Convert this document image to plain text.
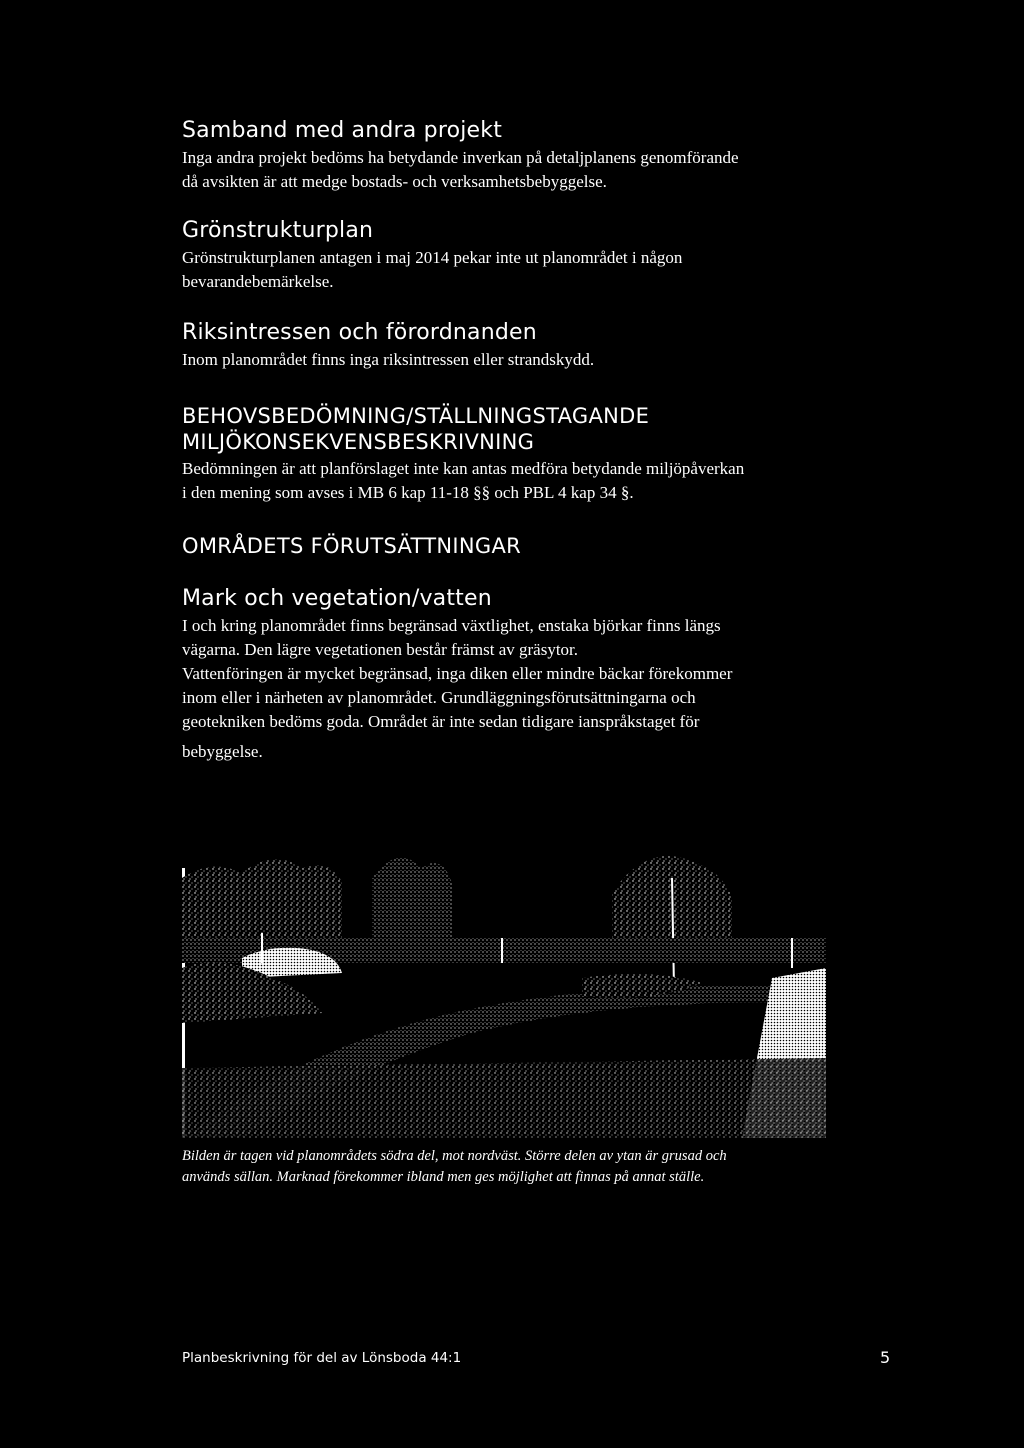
Samband med andra projekt

Inga andra projekt bedöms ha betydande inverkan på detaljplanens genomförande
då avsikten är att medge bostads- och verksamhetsbebyggelse.

Grönstrukturplan

Grönstrukturplanen antagen i maj 2014 pekar inte ut planområdet i någon
bevarandebemärkelse.

Riksintressen och förordnanden

Inom planområdet finns inga riksintressen eller strandskydd.

BEHOVSBEDÖMNING/STÄLLNINGSTAGANDE
MILJÖKONSEKVENSBESKRIVNING

Bedömningen är att planförslaget inte kan antas medföra betydande miljöpåverkan
i den mening som avses i MB 6 kap 11-18 §§ och PBL 4 kap 34 §.

OMRÅDETS FÖRUTSÄTTNINGAR
Mark och vegetation/vatten

I och kring planområdet finns begränsad växtlighet, enstaka björkar finns längs
vägarna. Den lägre vegetationen består främst av gräsytor.
Vattenföringen är mycket begränsad, inga diken eller mindre bäckar förekommer
inom eller i närheten av planområdet. Grundläggningsförutsättningarna och
geotekniken bedöms goda. Området är inte sedan tidigare ianspråkstaget för
bebyggelse.

Bilden är tagen vid planområdets södra del, mot nordväst. Större delen av ytan är grusad och
används sällan. Marknad förekommer ibland men ges möjlighet att finnas på annat ställe.
Planbeskrivning för del av Lönsboda 44:1	5
